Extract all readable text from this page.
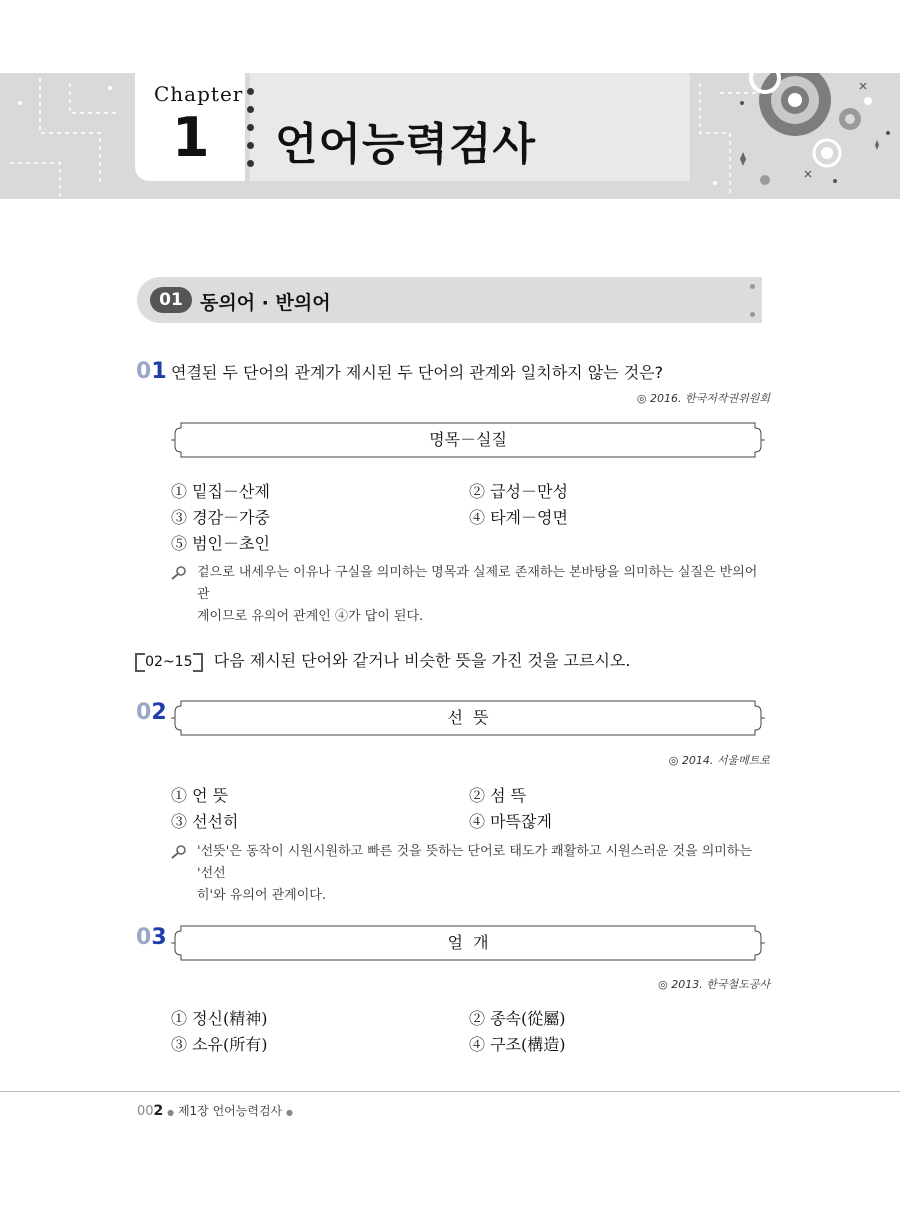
Chapter
1 언어능력검사
01 동의어 · 반의어
01 연결된 두 단어의 관계가 제시된 두 단어의 관계와 일치하지 않는 것은?
◎ 2016. 한국저작권위원회
명목－실질
① 밑집－산제	② 급성－만성
③ 경감－가중	④ 타계－영면
⑤ 범인－초인
겉으로 내세우는 이유나 구실을 의미하는 명목과 실제로 존재하는 본바탕을 의미하는 실질은 반의어 관
계이므로 유의어 관계인 ④가 답이 된다.
02~15 다음 제시된 단어와 같거나 비슷한 뜻을 가진 것을 고르시오.
02	선  뜻
◎ 2014. 서울메트로
① 언 뜻	② 섬 뜩
③ 선선히	④ 마뜩잖게
'선뜻'은 동작이 시원시원하고 빠른 것을 뜻하는 단어로 태도가 쾌활하고 시원스러운 것을 의미하는 '선선
히'와 유의어 관계이다.
03	얼  개
◎ 2013. 한국철도공사
① 정신(精神)	② 종속(從屬)
③ 소유(所有)	④ 구조(構造)
002 ● 제1장 언어능력검사 ●
